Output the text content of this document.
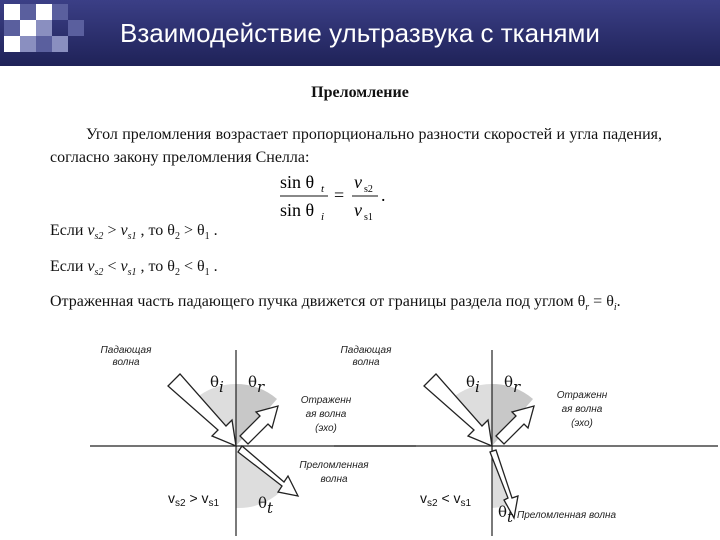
Взаимодействие ультразвука с тканями
Преломление
Угол преломления возрастает пропорционально разности скоростей и угла падения, согласно закону преломления Снелла:
sin θ t
sin θ i
=
v s2
v s1
.
Если $v_{s2} > v_{s1}$ , то $\theta_2 > \theta_1$ .
Если $v_{s2} < v_{s1}$ , то $\theta_2 < \theta_1$ .
Отраженная часть падающего пучка движется от границы раздела под углом $\theta_r = \theta_i$.
Падающая
волна
θ i θ r
Отраженн
ая волна
(эхо)
Преломленная
волна
$v_{s2} > v_{s1}$	θ t
Падающая
волна
θ i θ r	Отраженн
ая волна
(эхо)
$v_{s2} < v_{s1}$ θ t Преломленная волна
